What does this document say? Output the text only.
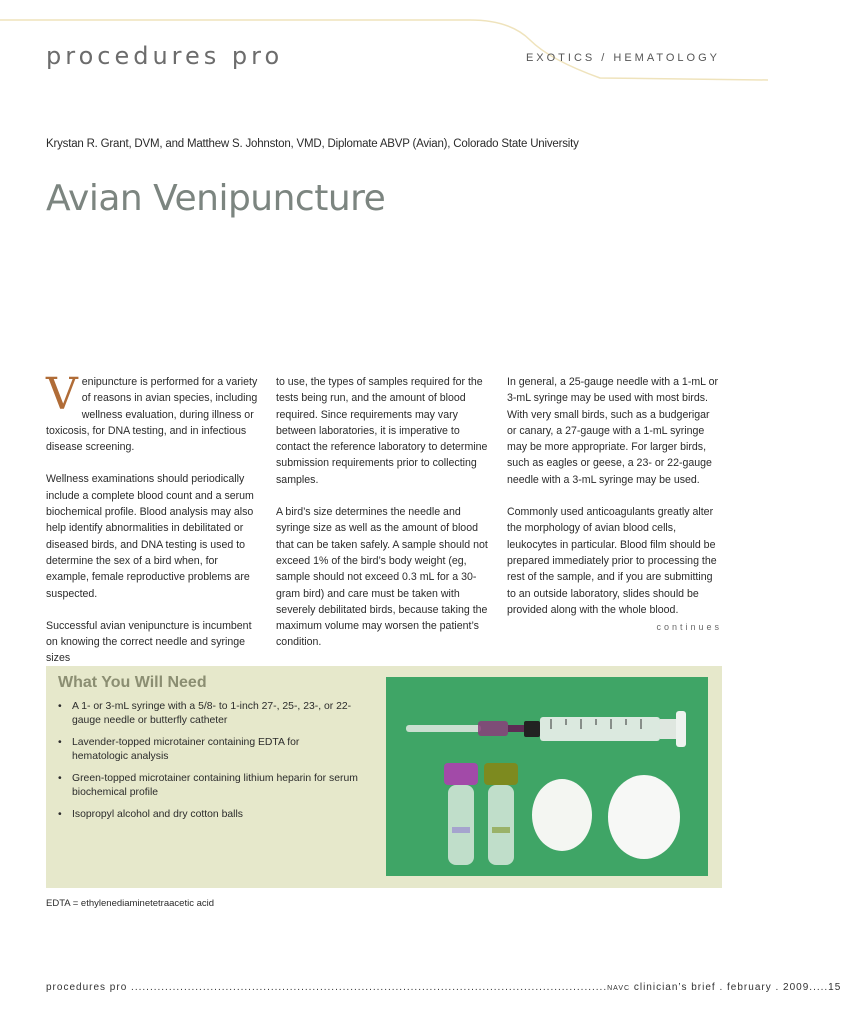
procedures pro	EXOTICS / HEMATOLOGY
Krystan R. Grant, DVM, and Matthew S. Johnston, VMD, Diplomate ABVP (Avian), Colorado State University
Avian Venipuncture

Venipuncture is performed for a variety of reasons in avian species, including wellness evaluation, during illness or toxicosis, for DNA testing, and in infectious disease screening.

Wellness examinations should periodically include a complete blood count and a serum biochemical profile. Blood analysis may also help identify abnormalities in debilitated or diseased birds, and DNA testing is used to determine the sex of a bird when, for example, female reproductive problems are suspected.

Successful avian venipuncture is incumbent on knowing the correct needle and syringe sizes

to use, the types of samples required for the tests being run, and the amount of blood required. Since requirements may vary between laboratories, it is imperative to contact the reference laboratory to determine submission requirements prior to collecting samples.

A bird’s size determines the needle and syringe size as well as the amount of blood that can be taken safely. A sample should not exceed 1% of the bird’s body weight (eg, sample should not exceed 0.3 mL for a 30-gram bird) and care must be taken with severely debilitated birds, because taking the maximum volume may worsen the patient’s condition.

In general, a 25-gauge needle with a 1-mL or 3-mL syringe may be used with most birds. With very small birds, such as a budgerigar or canary, a 27-gauge with a 1-mL syringe may be more appropriate. For larger birds, such as eagles or geese, a 23- or 22-gauge needle with a 3-mL syringe may be used.

Commonly used anticoagulants greatly alter the morphology of avian blood cells, leukocytes in particular. Blood film should be prepared immediately prior to processing the rest of the sample, and if you are submitting to an outside laboratory, slides should be provided along with the whole blood.

continues
What You Will Need
• A 1- or 3-mL syringe with a 5/8- to 1-inch 27-, 25-, 23-, or 22-gauge needle or butterfly catheter
• Lavender-topped microtainer containing EDTA for hematologic analysis
• Green-topped microtainer containing lithium heparin for serum biochemical profile
• Isopropyl alcohol and dry cotton balls
EDTA = ethylenediaminetetraacetic acid
procedures pro ..............................................................................................................................NAVC clinician’s brief . february . 2009.....15
